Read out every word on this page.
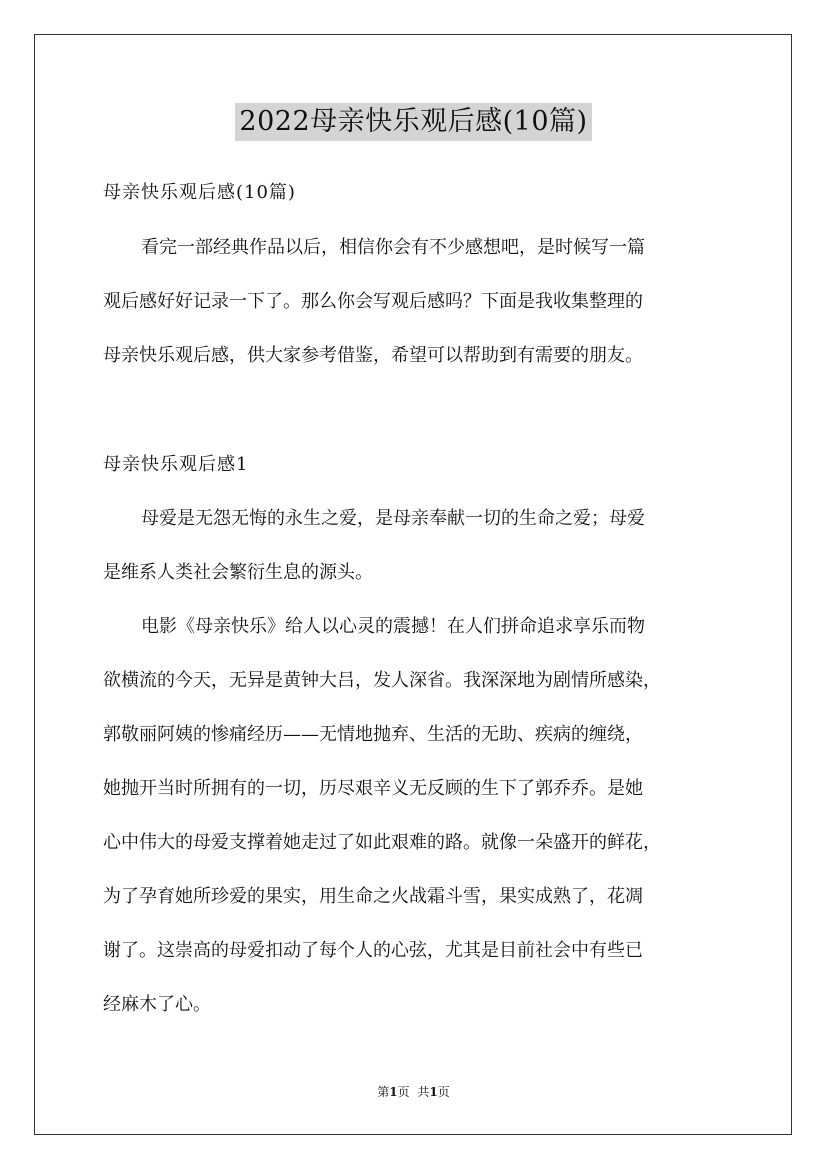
2022母亲快乐观后感(10篇)
母亲快乐观后感(10篇)
看完一部经典作品以后，相信你会有不少感想吧，是时候写一篇
观后感好好记录一下了。那么你会写观后感吗？下面是我收集整理的
母亲快乐观后感，供大家参考借鉴，希望可以帮助到有需要的朋友。
母亲快乐观后感1
母爱是无怨无悔的永生之爱，是母亲奉献一切的生命之爱；母爱
是维系人类社会繁衍生息的源头。
电影《母亲快乐》给人以心灵的震撼！在人们拼命追求享乐而物
欲横流的今天，无异是黄钟大吕，发人深省。我深深地为剧情所感染，
郭敬丽阿姨的惨痛经历——无情地抛弃、生活的无助、疾病的缠绕，
她抛开当时所拥有的一切，历尽艰辛义无反顾的生下了郭乔乔。是她
心中伟大的母爱支撑着她走过了如此艰难的路。就像一朵盛开的鲜花，
为了孕育她所珍爱的果实，用生命之火战霜斗雪，果实成熟了，花凋
谢了。这崇高的母爱扣动了每个人的心弦，尤其是目前社会中有些已
经麻木了心。
第1页 共1页
